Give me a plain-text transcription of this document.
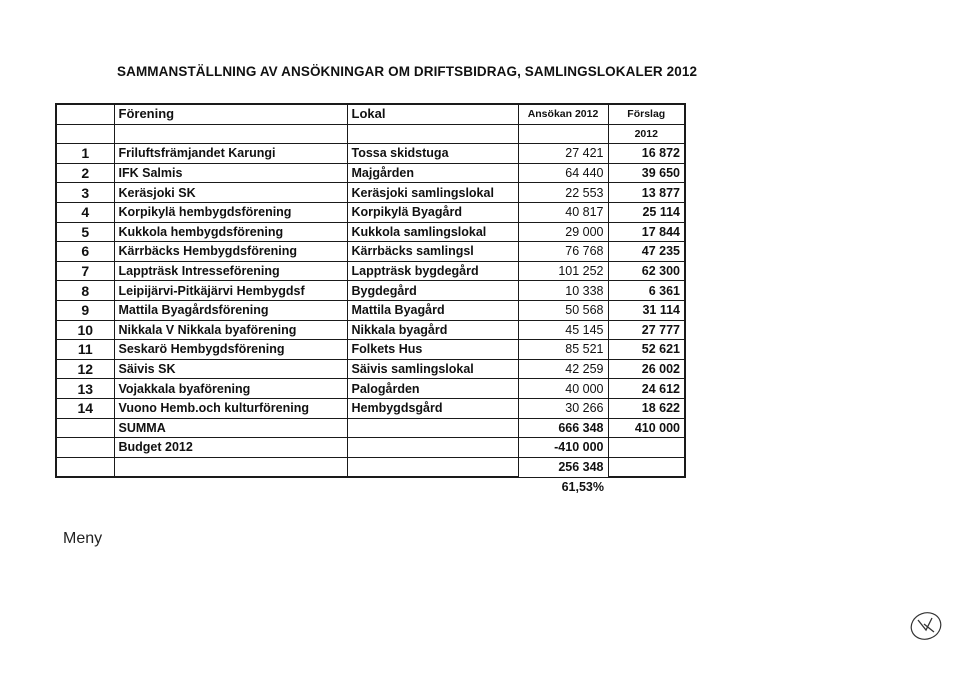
SAMMANSTÄLLNING AV ANSÖKNINGAR OM DRIFTSBIDRAG, SAMLINGSLOKALER 2012
	Förening	Lokal	Ansökan 2012	Förslag
				2012
1	Friluftsfrämjandet Karungi	Tossa skidstuga	27 421	16 872
2	IFK Salmis	Majgården	64 440	39 650
3	Keräsjoki SK	Keräsjoki samlingslokal	22 553	13 877
4	Korpikylä hembygdsförening	Korpikylä Byagård	40 817	25 114
5	Kukkola hembygdsförening	Kukkola samlingslokal	29 000	17 844
6	Kärrbäcks Hembygdsförening	Kärrbäcks samlingsl	76 768	47 235
7	Lappträsk Intresseförening	Lappträsk bygdegård	101 252	62 300
8	Leipijärvi-Pitkäjärvi Hembygdsf	Bygdegård	10 338	6 361
9	Mattila Byagårdsförening	Mattila Byagård	50 568	31 114
10	Nikkala V Nikkala byaförening	Nikkala byagård	45 145	27 777
11	Seskarö Hembygdsförening	Folkets Hus	85 521	52 621
12	Säivis SK	Säivis samlingslokal	42 259	26 002
13	Vojakkala byaförening	Palogården	40 000	24 612
14	Vuono Hemb.och kulturförening	Hembygdsgård	30 266	18 622
	SUMMA		666 348	410 000
	Budget 2012		-410 000	
			256 348	
			61,53%	
Meny
